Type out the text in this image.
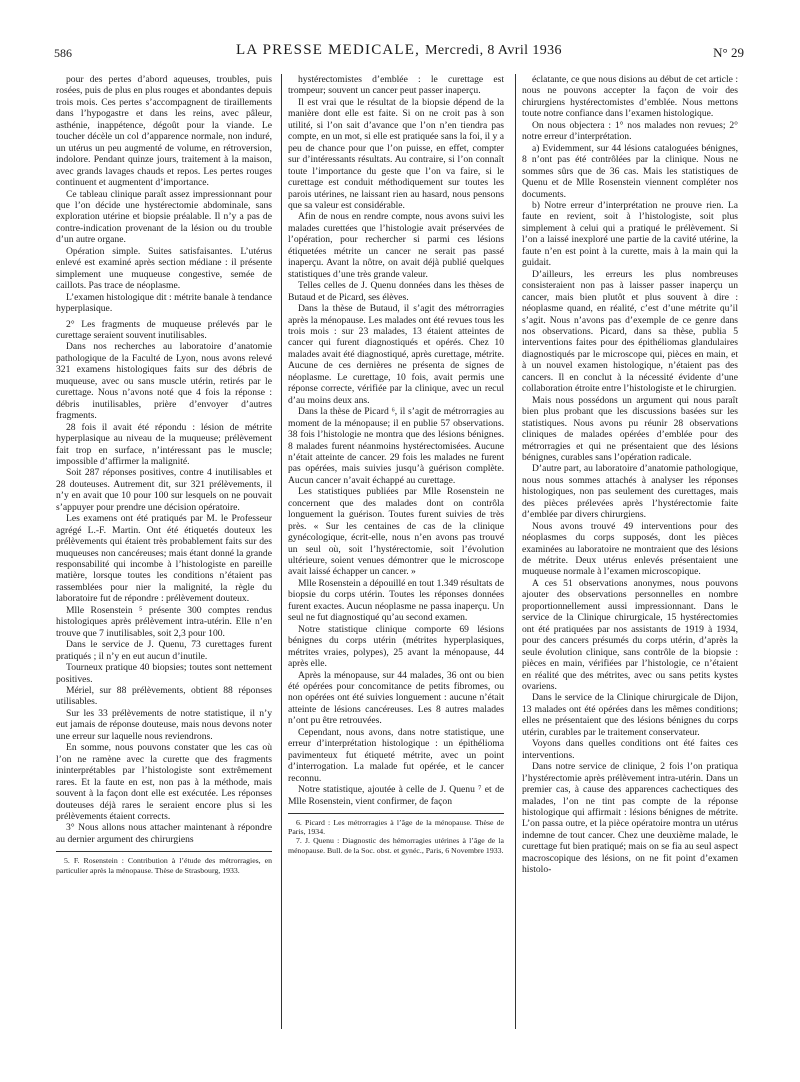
586	LA PRESSE MEDICALE, Mercredi, 8 Avril 1936	N° 29

pour des pertes d’abord aqueuses, troubles, puis rosées, puis de plus en plus rouges et abondantes depuis trois mois. Ces pertes s’accompagnent de tiraillements dans l’hypogastre et dans les reins, avec pâleur, asthénie, inappétence, dégoût pour la viande. Le toucher décèle un col d’apparence normale, non induré, un utérus un peu augmenté de volume, en rétroversion, indolore. Pendant quinze jours, traitement à la maison, avec grands lavages chauds et repos. Les pertes rouges continuent et augmentent d’importance.

Ce tableau clinique paraît assez impressionnant pour que l’on décide une hystérectomie abdominale, sans exploration utérine et biopsie préalable. Il n’y a pas de contre-indication provenant de la lésion ou du trouble d’un autre organe.

Opération simple. Suites satisfaisantes. L’utérus enlevé est examiné après section médiane : il présente simplement une muqueuse congestive, semée de caillots. Pas trace de néoplasme.

L’examen histologique dit : métrite banale à tendance hyperplasique.

2° Les fragments de muqueuse prélevés par le curettage seraient souvent inutilisables.

Dans nos recherches au laboratoire d’anatomie pathologique de la Faculté de Lyon, nous avons relevé 321 examens histologiques faits sur des débris de muqueuse, avec ou sans muscle utérin, retirés par le curettage. Nous n’avons noté que 4 fois la réponse : débris inutilisables, prière d’envoyer d’autres fragments.

28 fois il avait été répondu : lésion de métrite hyperplasique au niveau de la muqueuse; prélèvement fait trop en surface, n’intéressant pas le muscle; impossible d’affirmer la malignité.

Soit 287 réponses positives, contre 4 inutilisables et 28 douteuses. Autrement dit, sur 321 prélèvements, il n’y en avait que 10 pour 100 sur lesquels on ne pouvait s’appuyer pour prendre une décision opératoire.

Les examens ont été pratiqués par M. le Professeur agrégé L.-F. Martin. Ont été étiquetés douteux les prélèvements qui étaient très probablement faits sur des muqueuses non cancéreuses; mais étant donné la grande responsabilité qui incombe à l’histologiste en pareille matière, lorsque toutes les conditions n’étaient pas rassemblées pour nier la malignité, la règle du laboratoire fut de répondre : prélèvement douteux.

Mlle Rosenstein ⁵ présente 300 comptes rendus histologiques après prélèvement intra-utérin. Elle n’en trouve que 7 inutilisables, soit 2,3 pour 100.

Dans le service de J. Quenu, 73 curettages furent pratiqués ; il n’y en eut aucun d’inutile.

Tourneux pratique 40 biopsies; toutes sont nettement positives.

Mériel, sur 88 prélèvements, obtient 88 réponses utilisables.

Sur les 33 prélèvements de notre statistique, il n’y eut jamais de réponse douteuse, mais nous devons noter une erreur sur laquelle nous reviendrons.

En somme, nous pouvons constater que les cas où l’on ne ramène avec la curette que des fragments ininterprétables par l’histologiste sont extrêmement rares. Et la faute en est, non pas à la méthode, mais souvent à la façon dont elle est exécutée. Les réponses douteuses déjà rares le seraient encore plus si les prélèvements étaient corrects.

3° Nous allons nous attacher maintenant à répondre au dernier argument des chirurgiens

5. F. Rosenstein : Contribution à l’étude des métrorragies, en particulier après la ménopause. Thèse de Strasbourg, 1933.

hystérectomistes d’emblée : le curettage est trompeur; souvent un cancer peut passer inaperçu.

Il est vrai que le résultat de la biopsie dépend de la manière dont elle est faite. Si on ne croit pas à son utilité, si l’on sait d’avance que l’on n’en tiendra pas compte, en un mot, si elle est pratiquée sans la foi, il y a peu de chance pour que l’on puisse, en effet, compter sur d’intéressants résultats. Au contraire, si l’on connaît toute l’importance du geste que l’on va faire, si le curettage est conduit méthodiquement sur toutes les parois utérines, ne laissant rien au hasard, nous pensons que sa valeur est considérable.

Afin de nous en rendre compte, nous avons suivi les malades curettées que l’histologie avait préservées de l’opération, pour rechercher si parmi ces lésions étiquetées métrite un cancer ne serait pas passé inaperçu. Avant la nôtre, on avait déjà publié quelques statistiques d’une très grande valeur.

Telles celles de J. Quenu données dans les thèses de Butaud et de Picard, ses élèves.

Dans la thèse de Butaud, il s’agit des métrorragies après la ménopause. Les malades ont été revues tous les trois mois : sur 23 malades, 13 étaient atteintes de cancer qui furent diagnostiqués et opérés. Chez 10 malades avait été diagnostiqué, après curettage, métrite. Aucune de ces dernières ne présenta de signes de néoplasme. Le curettage, 10 fois, avait permis une réponse correcte, vérifiée par la clinique, avec un recul d’au moins deux ans.

Dans la thèse de Picard ⁶, il s’agit de métrorragies au moment de la ménopause; il en publie 57 observations. 38 fois l’histologie ne montra que des lésions bénignes. 8 malades furent néanmoins hystérectomisées. Aucune n’était atteinte de cancer. 29 fois les malades ne furent pas opérées, mais suivies jusqu’à guérison complète. Aucun cancer n’avait échappé au curettage.

Les statistiques publiées par Mlle Rosenstein ne concernent que des malades dont on contrôla longuement la guérison. Toutes furent suivies de très près. « Sur les centaines de cas de la clinique gynécologique, écrit-elle, nous n’en avons pas trouvé un seul où, soit l’hystérectomie, soit l’évolution ultérieure, soient venues démontrer que le microscope avait laissé échapper un cancer. »

Mlle Rosenstein a dépouillé en tout 1.349 résultats de biopsie du corps utérin. Toutes les réponses données furent exactes. Aucun néoplasme ne passa inaperçu. Un seul ne fut diagnostiqué qu’au second examen.

Notre statistique clinique comporte 69 lésions bénignes du corps utérin (métrites hyperplasiques, métrites vraies, polypes), 25 avant la ménopause, 44 après elle.

Après la ménopause, sur 44 malades, 36 ont ou bien été opérées pour concomitance de petits fibromes, ou non opérées ont été suivies longuement : aucune n’était atteinte de lésions cancéreuses. Les 8 autres malades n’ont pu être retrouvées.

Cependant, nous avons, dans notre statistique, une erreur d’interprétation histologique : un épithélioma pavimenteux fut étiqueté métrite, avec un point d’interrogation. La malade fut opérée, et le cancer reconnu.

Notre statistique, ajoutée à celle de J. Quenu ⁷ et de Mlle Rosenstein, vient confirmer, de façon

6. Picard : Les métrorragies à l’âge de la ménopause. Thèse de Paris, 1934.

7. J. Quenu : Diagnostic des hémorragies utérines à l’âge de la ménopause. Bull. de la Soc. obst. et gynéc., Paris, 6 Novembre 1933.

éclatante, ce que nous disions au début de cet article : nous ne pouvons accepter la façon de voir des chirurgiens hystérectomistes d’emblée. Nous mettons toute notre confiance dans l’examen histologique.

On nous objectera : 1° nos malades non revues; 2° notre erreur d’interprétation.

a) Evidemment, sur 44 lésions cataloguées bénignes, 8 n’ont pas été contrôlées par la clinique. Nous ne sommes sûrs que de 36 cas. Mais les statistiques de Quenu et de Mlle Rosenstein viennent compléter nos documents.

b) Notre erreur d’interprétation ne prouve rien. La faute en revient, soit à l’histologiste, soit plus simplement à celui qui a pratiqué le prélèvement. Si l’on a laissé inexploré une partie de la cavité utérine, la faute n’en est point à la curette, mais à la main qui la guidait.

D’ailleurs, les erreurs les plus nombreuses consisteraient non pas à laisser passer inaperçu un cancer, mais bien plutôt et plus souvent à dire : néoplasme quand, en réalité, c’est d’une métrite qu’il s’agit. Nous n’avons pas d’exemple de ce genre dans nos observations. Picard, dans sa thèse, publia 5 interventions faites pour des épithéliomas glandulaires diagnostiqués par le microscope qui, pièces en main, et à un nouvel examen histologique, n’étaient pas des cancers. Il en conclut à la nécessité évidente d’une collaboration étroite entre l’histologiste et le chirurgien.

Mais nous possédons un argument qui nous paraît bien plus probant que les discussions basées sur les statistiques. Nous avons pu réunir 28 observations cliniques de malades opérées d’emblée pour des métrorragies et qui ne présentaient que des lésions bénignes, curables sans l’opération radicale.

D’autre part, au laboratoire d’anatomie pathologique, nous nous sommes attachés à analyser les réponses histologiques, non pas seulement des curettages, mais des pièces prélevées après l’hystérectomie faite d’emblée par divers chirurgiens.

Nous avons trouvé 49 interventions pour des néoplasmes du corps supposés, dont les pièces examinées au laboratoire ne montraient que des lésions de métrite. Deux utérus enlevés présentaient une muqueuse normale à l’examen microscopique.

A ces 51 observations anonymes, nous pouvons ajouter des observations personnelles en nombre proportionnellement aussi impressionnant. Dans le service de la Clinique chirurgicale, 15 hystérectomies ont été pratiquées par nos assistants de 1919 à 1934, pour des cancers présumés du corps utérin, d’après la seule évolution clinique, sans contrôle de la biopsie : pièces en main, vérifiées par l’histologie, ce n’étaient en réalité que des métrites, avec ou sans petits kystes ovariens.

Dans le service de la Clinique chirurgicale de Dijon, 13 malades ont été opérées dans les mêmes conditions; elles ne présentaient que des lésions bénignes du corps utérin, curables par le traitement conservateur.

Voyons dans quelles conditions ont été faites ces interventions.

Dans notre service de clinique, 2 fois l’on pratiqua l’hystérectomie après prélèvement intra-utérin. Dans un premier cas, à cause des apparences cachectiques des malades, l’on ne tint pas compte de la réponse histologique qui affirmait : lésions bénignes de métrite. L’on passa outre, et la pièce opératoire montra un utérus indemne de tout cancer. Chez une deuxième malade, le curettage fut bien pratiqué; mais on se fia au seul aspect macroscopique des lésions, on ne fit point d’examen histolo-
